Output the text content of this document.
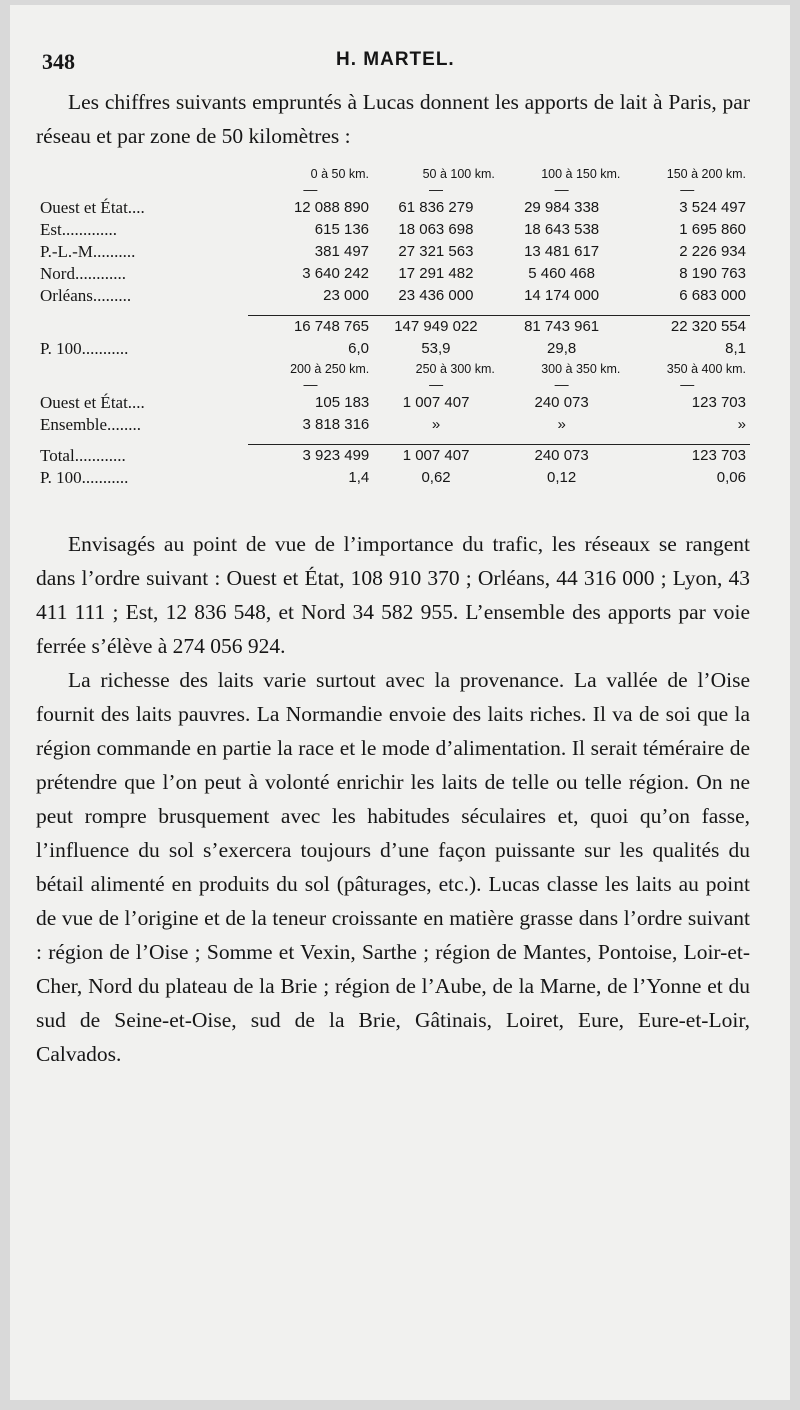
348	H. MARTEL.

Les chiffres suivants empruntés à Lucas donnent les apports de lait à Paris, par réseau et par zone de 50 kilomètres :

	0 à 50 km.	50 à 100 km.	100 à 150 km.	150 à 200 km.
	—	—	—	—
Ouest et État....	12 088 890	61 836 279	29 984 338	3 524 497
Est.............	615 136	18 063 698	18 643 538	1 695 860
P.-L.-M..........	381 497	27 321 563	13 481 617	2 226 934
Nord............	3 640 242	17 291 482	5 460 468	8 190 763
Orléans.........	23 000	23 436 000	14 174 000	6 683 000

	16 748 765	147 949 022	81 743 961	22 320 554
P. 100...........	6,0	53,9	29,8	8,1
	200 à 250 km.	250 à 300 km.	300 à 350 km.	350 à 400 km.
	—	—	—	—
Ouest et État....	105 183	1 007 407	240 073	123 703
Ensemble........	3 818 316	»	»	»

Total............	3 923 499	1 007 407	240 073	123 703
P. 100...........	1,4	0,62	0,12	0,06

Envisagés au point de vue de l’importance du trafic, les réseaux se rangent dans l’ordre suivant : Ouest et État, 108 910 370 ; Orléans, 44 316 000 ; Lyon, 43 411 111 ; Est, 12 836 548, et Nord 34 582 955. L’ensemble des apports par voie ferrée s’élève à 274 056 924.

La richesse des laits varie surtout avec la provenance. La vallée de l’Oise fournit des laits pauvres. La Normandie envoie des laits riches. Il va de soi que la région commande en partie la race et le mode d’alimentation. Il serait téméraire de prétendre que l’on peut à volonté enrichir les laits de telle ou telle région. On ne peut rompre brusquement avec les habitudes séculaires et, quoi qu’on fasse, l’influence du sol s’exercera toujours d’une façon puissante sur les qualités du bétail alimenté en produits du sol (pâturages, etc.). Lucas classe les laits au point de vue de l’origine et de la teneur croissante en matière grasse dans l’ordre suivant : région de l’Oise ; Somme et Vexin, Sarthe ; région de Mantes, Pontoise, Loir-et-Cher, Nord du plateau de la Brie ; région de l’Aube, de la Marne, de l’Yonne et du sud de Seine-et-Oise, sud de la Brie, Gâtinais, Loiret, Eure, Eure-et-Loir, Calvados.
